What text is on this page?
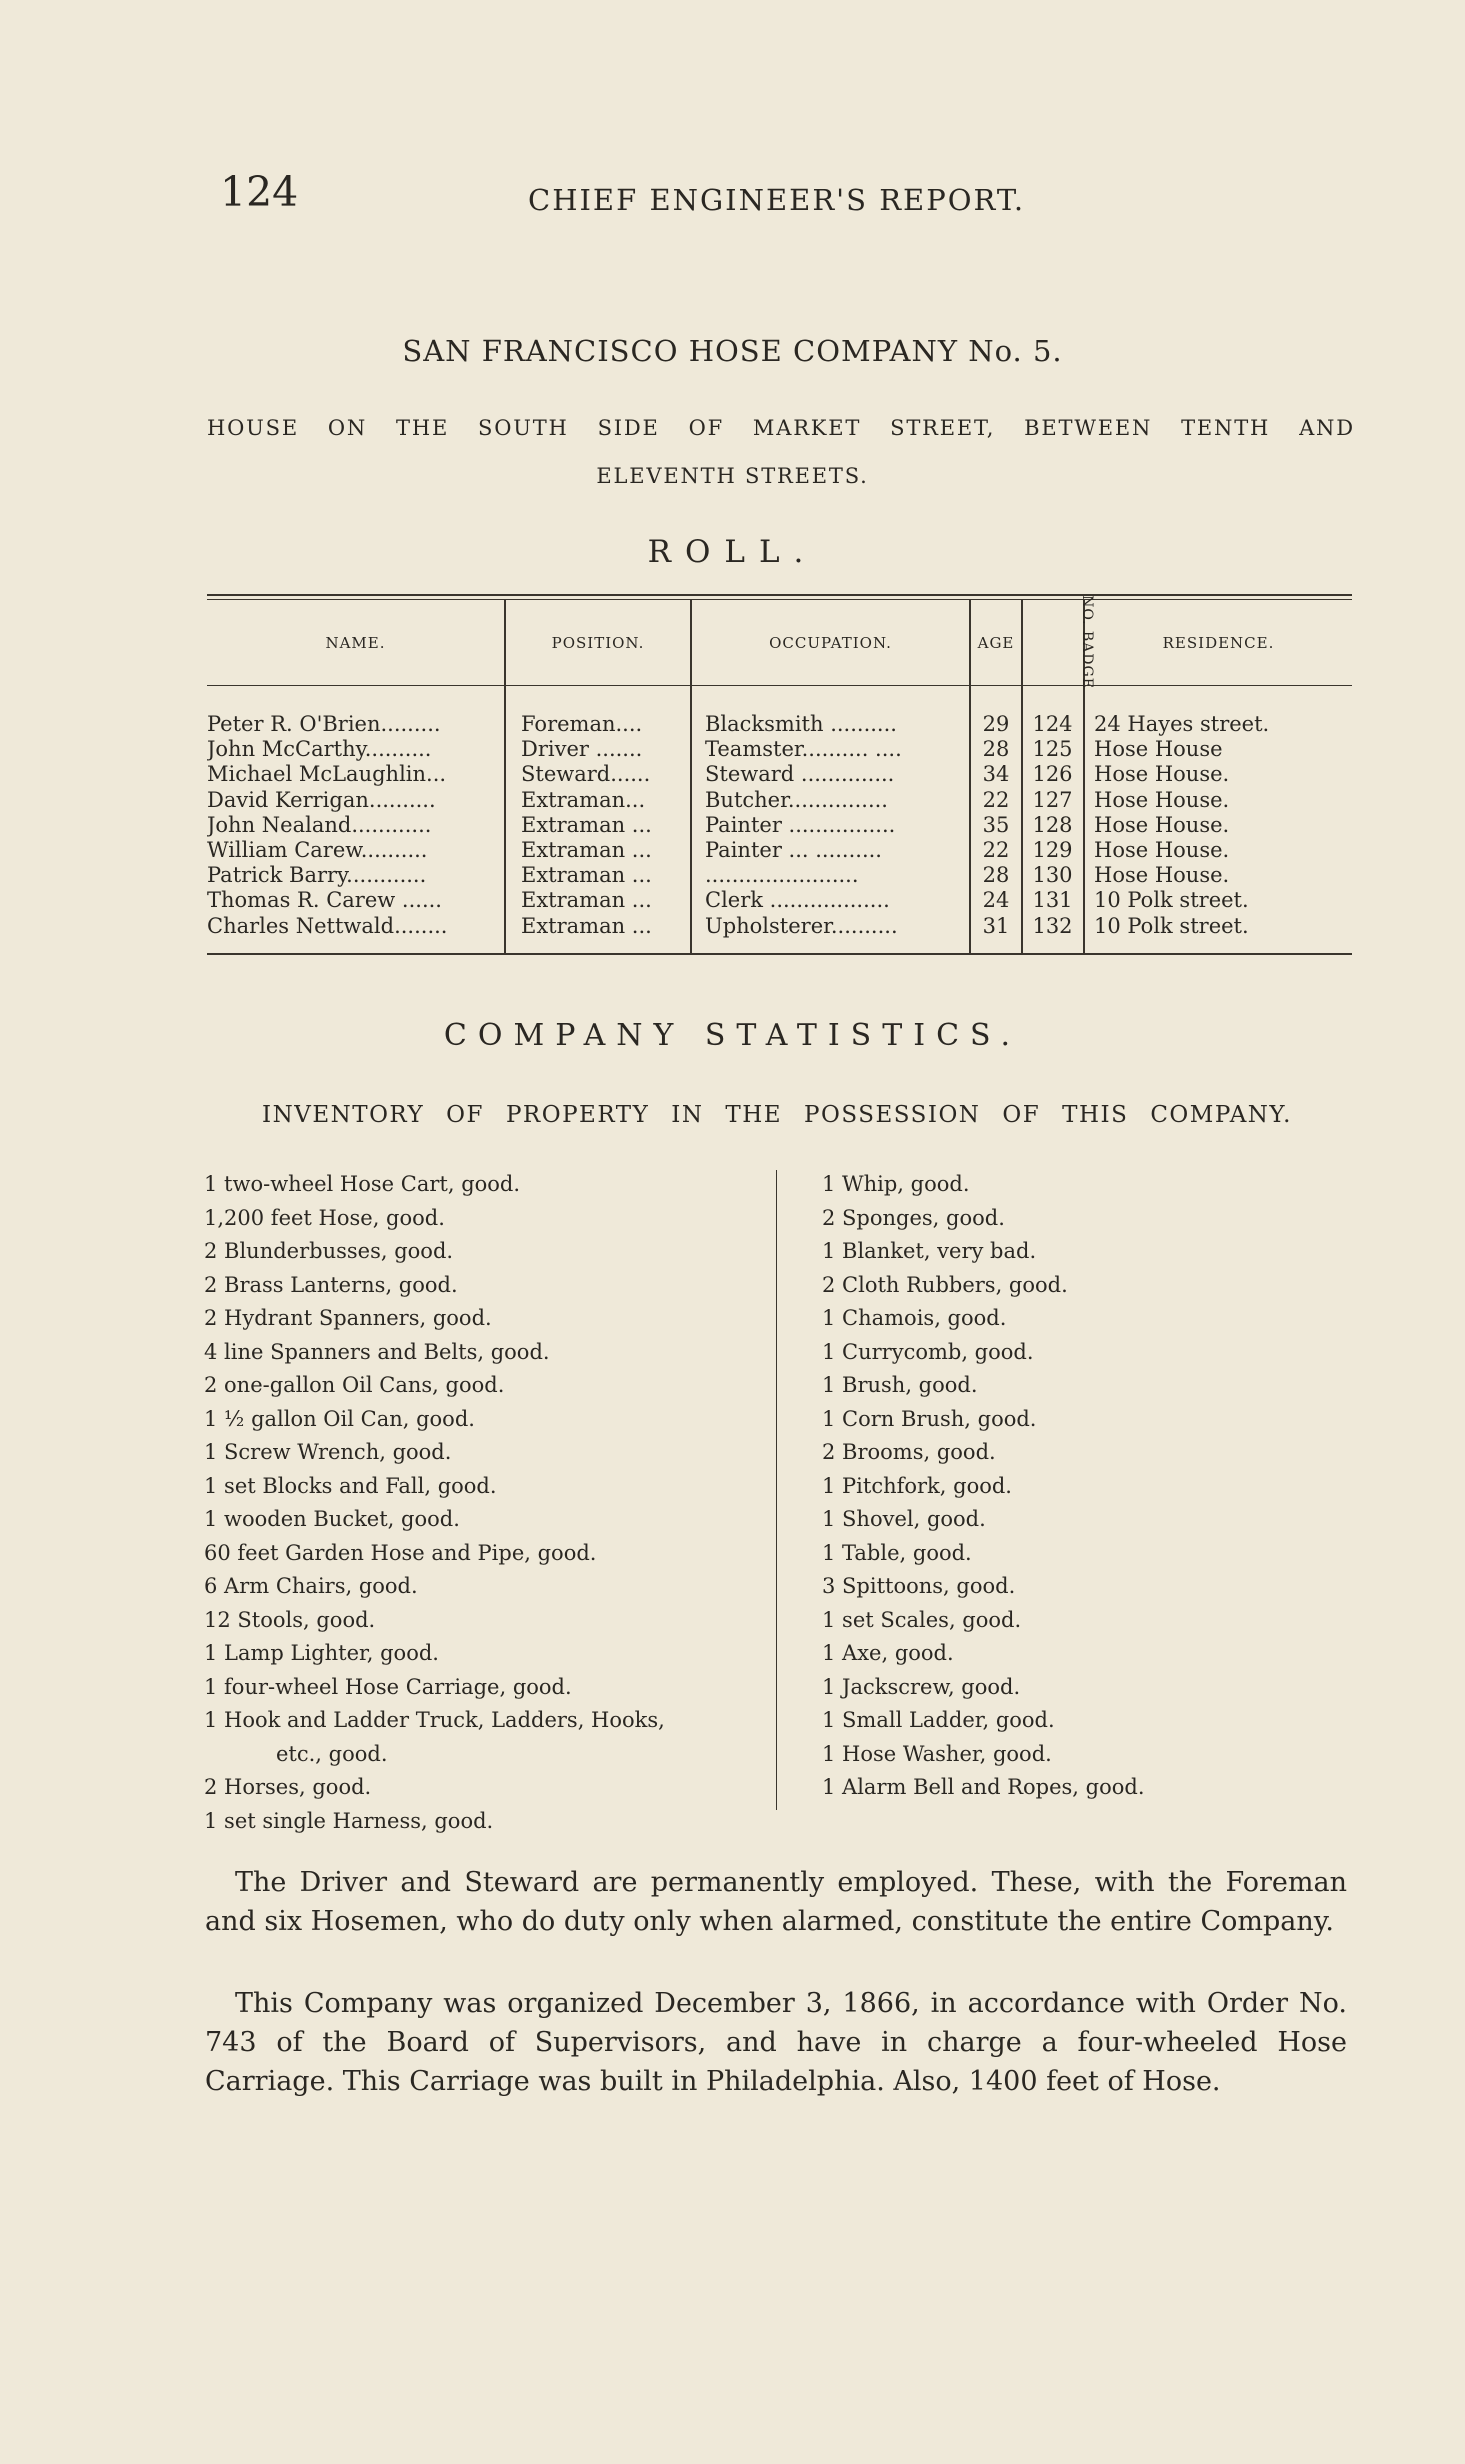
124	CHIEF ENGINEER'S REPORT.
SAN FRANCISCO HOSE COMPANY No. 5.
HOUSE ON THE SOUTH SIDE OF MARKET STREET, BETWEEN TENTH AND
ELEVENTH STREETS.
ROLL.
NAME.	POSITION.	OCCUPATION.	AGE	NO. BADGE	RESIDENCE.
Peter R. O'Brien.........	Foreman....	Blacksmith ..........	29	124	24 Hayes street.
John McCarthy..........	Driver .......	Teamster.......... ....	28	125	Hose House
Michael McLaughlin...	Steward......	Steward ..............	34	126	Hose House.
David Kerrigan..........	Extraman...	Butcher...............	22	127	Hose House.
John Nealand............	Extraman ...	Painter ................	35	128	Hose House.
William Carew..........	Extraman ...	Painter ... ..........	22	129	Hose House.
Patrick Barry............	Extraman ...	.......................	28	130	Hose House.
Thomas R. Carew ......	Extraman ...	Clerk ..................	24	131	10 Polk street.
Charles Nettwald........	Extraman ...	Upholsterer..........	31	132	10 Polk street.
COMPANY STATISTICS.
INVENTORY OF PROPERTY IN THE POSSESSION OF THIS COMPANY.
1 two-wheel Hose Cart, good.
1,200 feet Hose, good.
2 Blunderbusses, good.
2 Brass Lanterns, good.
2 Hydrant Spanners, good.
4 line Spanners and Belts, good.
2 one-gallon Oil Cans, good.
1 ½ gallon Oil Can, good.
1 Screw Wrench, good.
1 set Blocks and Fall, good.
1 wooden Bucket, good.
60 feet Garden Hose and Pipe, good.
6 Arm Chairs, good.
12 Stools, good.
1 Lamp Lighter, good.
1 four-wheel Hose Carriage, good.
1 Hook and Ladder Truck, Ladders, Hooks,
etc., good.
2 Horses, good.
1 set single Harness, good.
1 Whip, good.
2 Sponges, good.
1 Blanket, very bad.
2 Cloth Rubbers, good.
1 Chamois, good.
1 Currycomb, good.
1 Brush, good.
1 Corn Brush, good.
2 Brooms, good.
1 Pitchfork, good.
1 Shovel, good.
1 Table, good.
3 Spittoons, good.
1 set Scales, good.
1 Axe, good.
1 Jackscrew, good.
1 Small Ladder, good.
1 Hose Washer, good.
1 Alarm Bell and Ropes, good.

The Driver and Steward are permanently employed. These, with the Foreman and six Hosemen, who do duty only when alarmed, constitute the entire Company.

This Company was organized December 3, 1866, in accordance with Order No. 743 of the Board of Supervisors, and have in charge a four-wheeled Hose Carriage. This Carriage was built in Philadelphia. Also, 1400 feet of Hose.
